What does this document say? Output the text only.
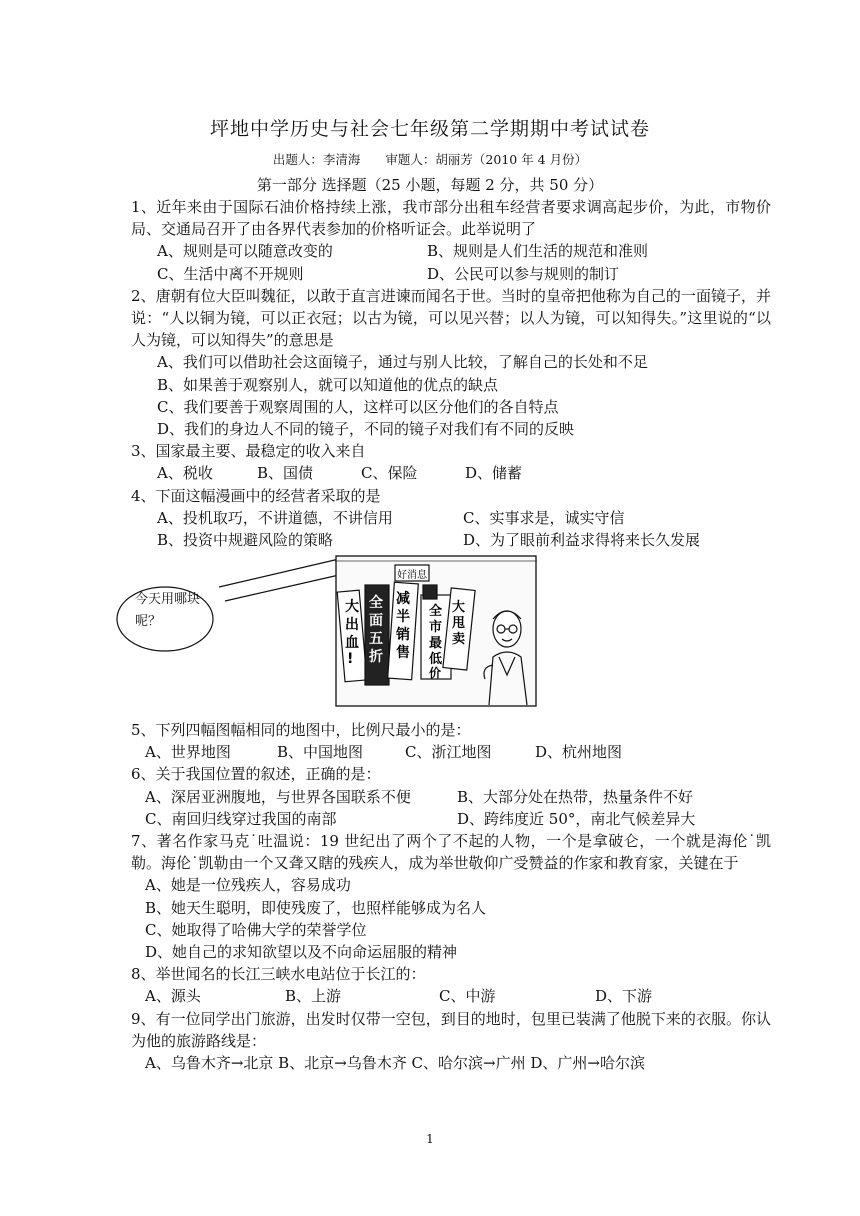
坪地中学历史与社会七年级第二学期期中考试试卷
出题人：李清海　　审题人：胡丽芳（2010 年 4 月份）
第一部分 选择题（25 小题，每题 2 分，共 50 分）
1、近年来由于国际石油价格持续上涨，我市部分出租车经营者要求调高起步价，为此，市物价局、交通局召开了由各界代表参加的价格听证会。此举说明了
A、规则是可以随意改变的	B、规则是人们生活的规范和准则
C、生活中离不开规则	D、公民可以参与规则的制订
2、唐朝有位大臣叫魏征，以敢于直言进谏而闻名于世。当时的皇帝把他称为自己的一面镜子，并说：“人以铜为镜，可以正衣冠；以古为镜，可以见兴替；以人为镜，可以知得失。”这里说的“以人为镜，可以知得失”的意思是
A、我们可以借助社会这面镜子，通过与别人比较，了解自己的长处和不足
B、如果善于观察别人，就可以知道他的优点的缺点
C、我们要善于观察周围的人，这样可以区分他们的各自特点
D、我们的身边人不同的镜子，不同的镜子对我们有不同的反映
3、国家最主要、最稳定的收入来自
A、税收	B、国债	C、保险	D、储蓄
4、下面这幅漫画中的经营者采取的是
A、投机取巧，不讲道德，不讲信用	C、实事求是，诚实守信
B、投资中规避风险的策略	D、为了眼前利益求得将来长久发展
今天用哪块呢？
大
出
血
!
全
面
五
折
减
半
销
售
全
市
最
低
价
大
甩
卖
好消息
5、下列四幅图幅相同的地图中，比例尺最小的是：
A、世界地图	B、中国地图	C、浙江地图	D、杭州地图
6、关于我国位置的叙述，正确的是：
A、深居亚洲腹地，与世界各国联系不便	B、大部分处在热带，热量条件不好
C、南回归线穿过我国的南部	D、跨纬度近 50°，南北气候差异大
7、著名作家马克˙吐温说：19 世纪出了两个了不起的人物，一个是拿破仑，一个就是海伦˙凯勒。海伦˙凯勒由一个又聋又瞎的残疾人，成为举世敬仰广受赞益的作家和教育家，关键在于
A、她是一位残疾人，容易成功
B、她天生聪明，即使残废了，也照样能够成为名人
C、她取得了哈佛大学的荣誉学位
D、她自己的求知欲望以及不向命运屈服的精神
8、举世闻名的长江三峡水电站位于长江的：
A、源头	B、上游	C、中游	D、下游
9、有一位同学出门旅游，出发时仅带一空包，到目的地时，包里已装满了他脱下来的衣服。你认为他的旅游路线是：
A、乌鲁木齐→北京 B、北京→乌鲁木齐 C、哈尔滨→广州 D、广州→哈尔滨
1
